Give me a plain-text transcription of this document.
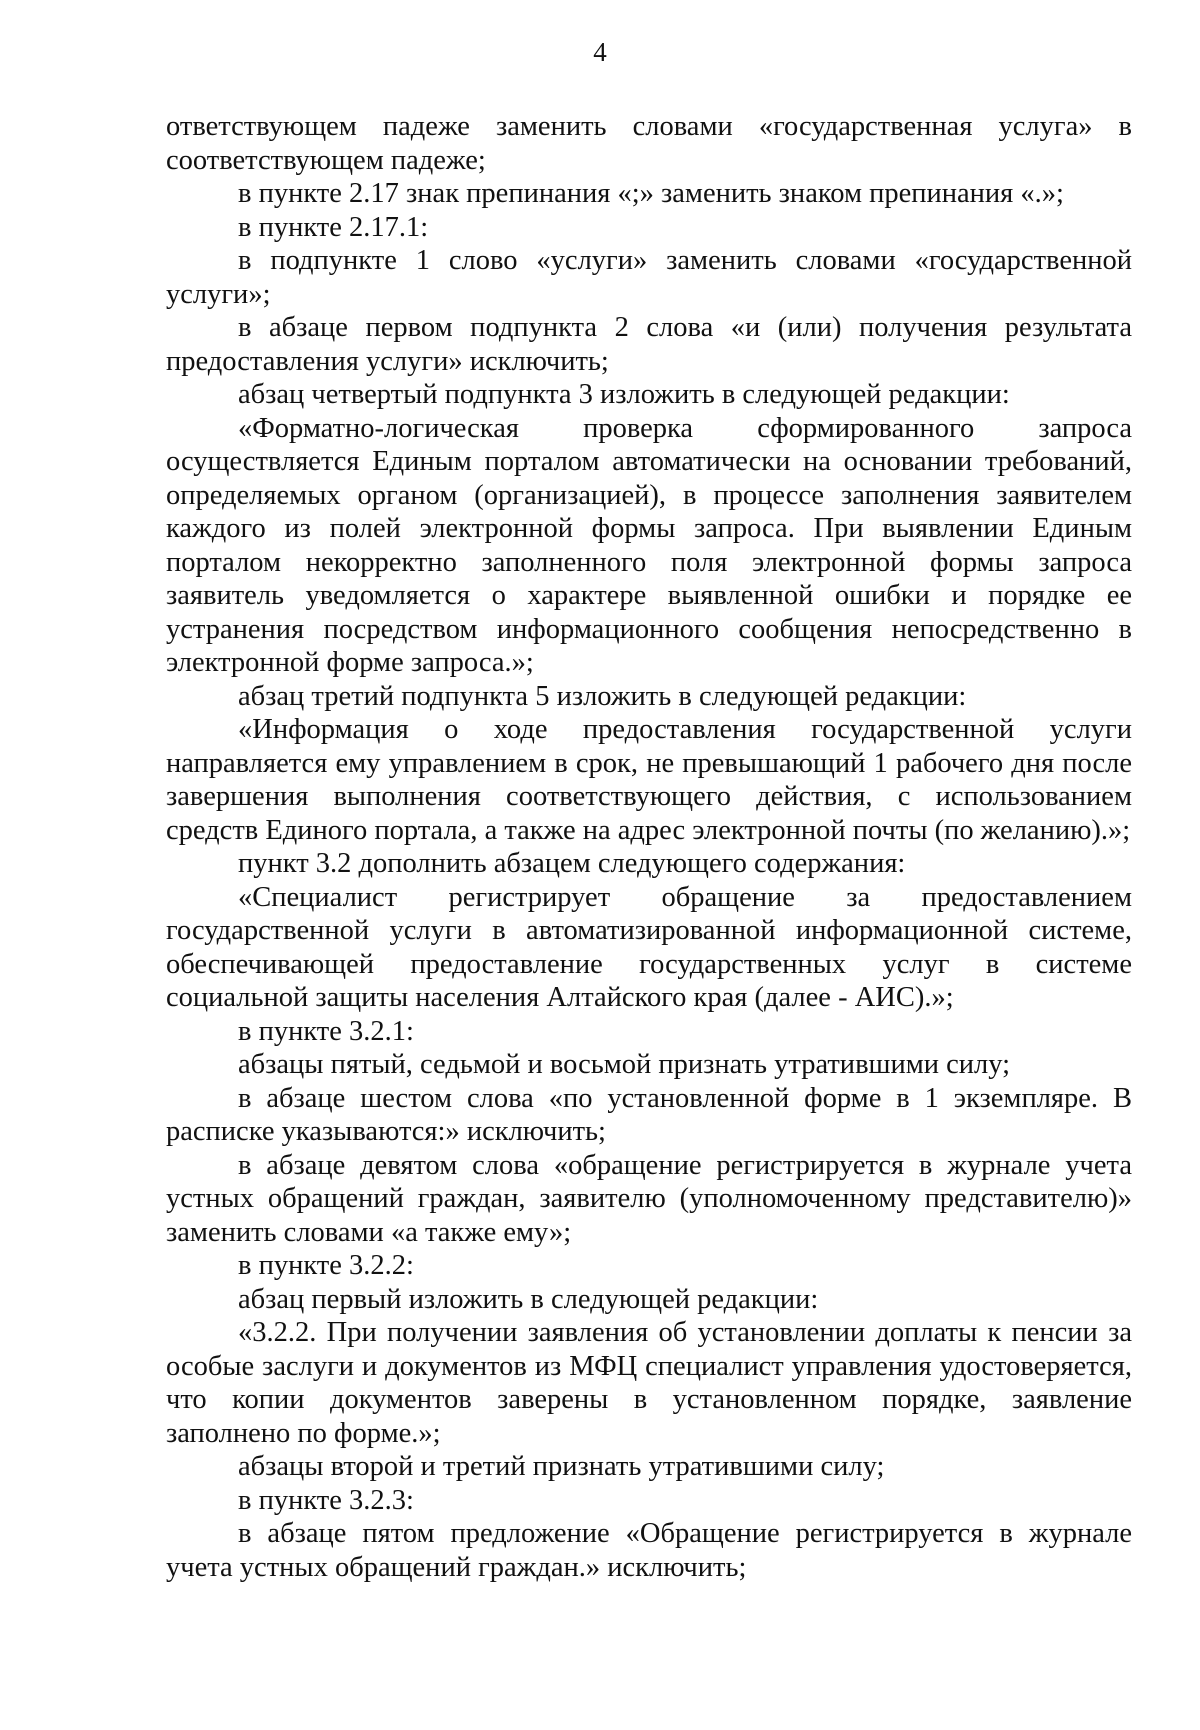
4

ответствующем падеже заменить словами «государственная услуга» в соответствующем падеже;

в пункте 2.17 знак препинания «;» заменить знаком препинания «.»;

в пункте 2.17.1:

в подпункте 1 слово «услуги» заменить словами «государственной услуги»;

в абзаце первом подпункта 2 слова «и (или) получения результата предоставления услуги» исключить;

абзац четвертый подпункта 3 изложить в следующей редакции:

«Форматно-логическая проверка сформированного запроса осуществляется Единым порталом автоматически на основании требований, определяемых органом (организацией), в процессе заполнения заявителем каждого из полей электронной формы запроса. При выявлении Единым порталом некорректно заполненного поля электронной формы запроса заявитель уведомляется о характере выявленной ошибки и порядке ее устранения посредством информационного сообщения непосредственно в электронной форме запроса.»;

абзац третий подпункта 5 изложить в следующей редакции:

«Информация о ходе предоставления государственной услуги направляется ему управлением в срок, не превышающий 1 рабочего дня после завершения выполнения соответствующего действия, с использованием средств Единого портала, а также на адрес электронной почты (по желанию).»;

пункт 3.2 дополнить абзацем следующего содержания:

«Специалист регистрирует обращение за предоставлением государственной услуги в автоматизированной информационной системе, обеспечивающей предоставление государственных услуг в системе социальной защиты населения Алтайского края (далее - АИС).»;

в пункте 3.2.1:

абзацы пятый, седьмой и восьмой признать утратившими силу;

в абзаце шестом слова «по установленной форме в 1 экземпляре. В расписке указываются:» исключить;

в абзаце девятом слова «обращение регистрируется в журнале учета устных обращений граждан, заявителю (уполномоченному представителю)» заменить словами «а также ему»;

в пункте 3.2.2:

абзац первый изложить в следующей редакции:

«3.2.2. При получении заявления об установлении доплаты к пенсии за особые заслуги и документов из МФЦ специалист управления удостоверяется, что копии документов заверены в установленном порядке, заявление заполнено по форме.»;

абзацы второй и третий признать утратившими силу;

в пункте 3.2.3:

в абзаце пятом предложение «Обращение регистрируется в журнале учета устных обращений граждан.» исключить;
